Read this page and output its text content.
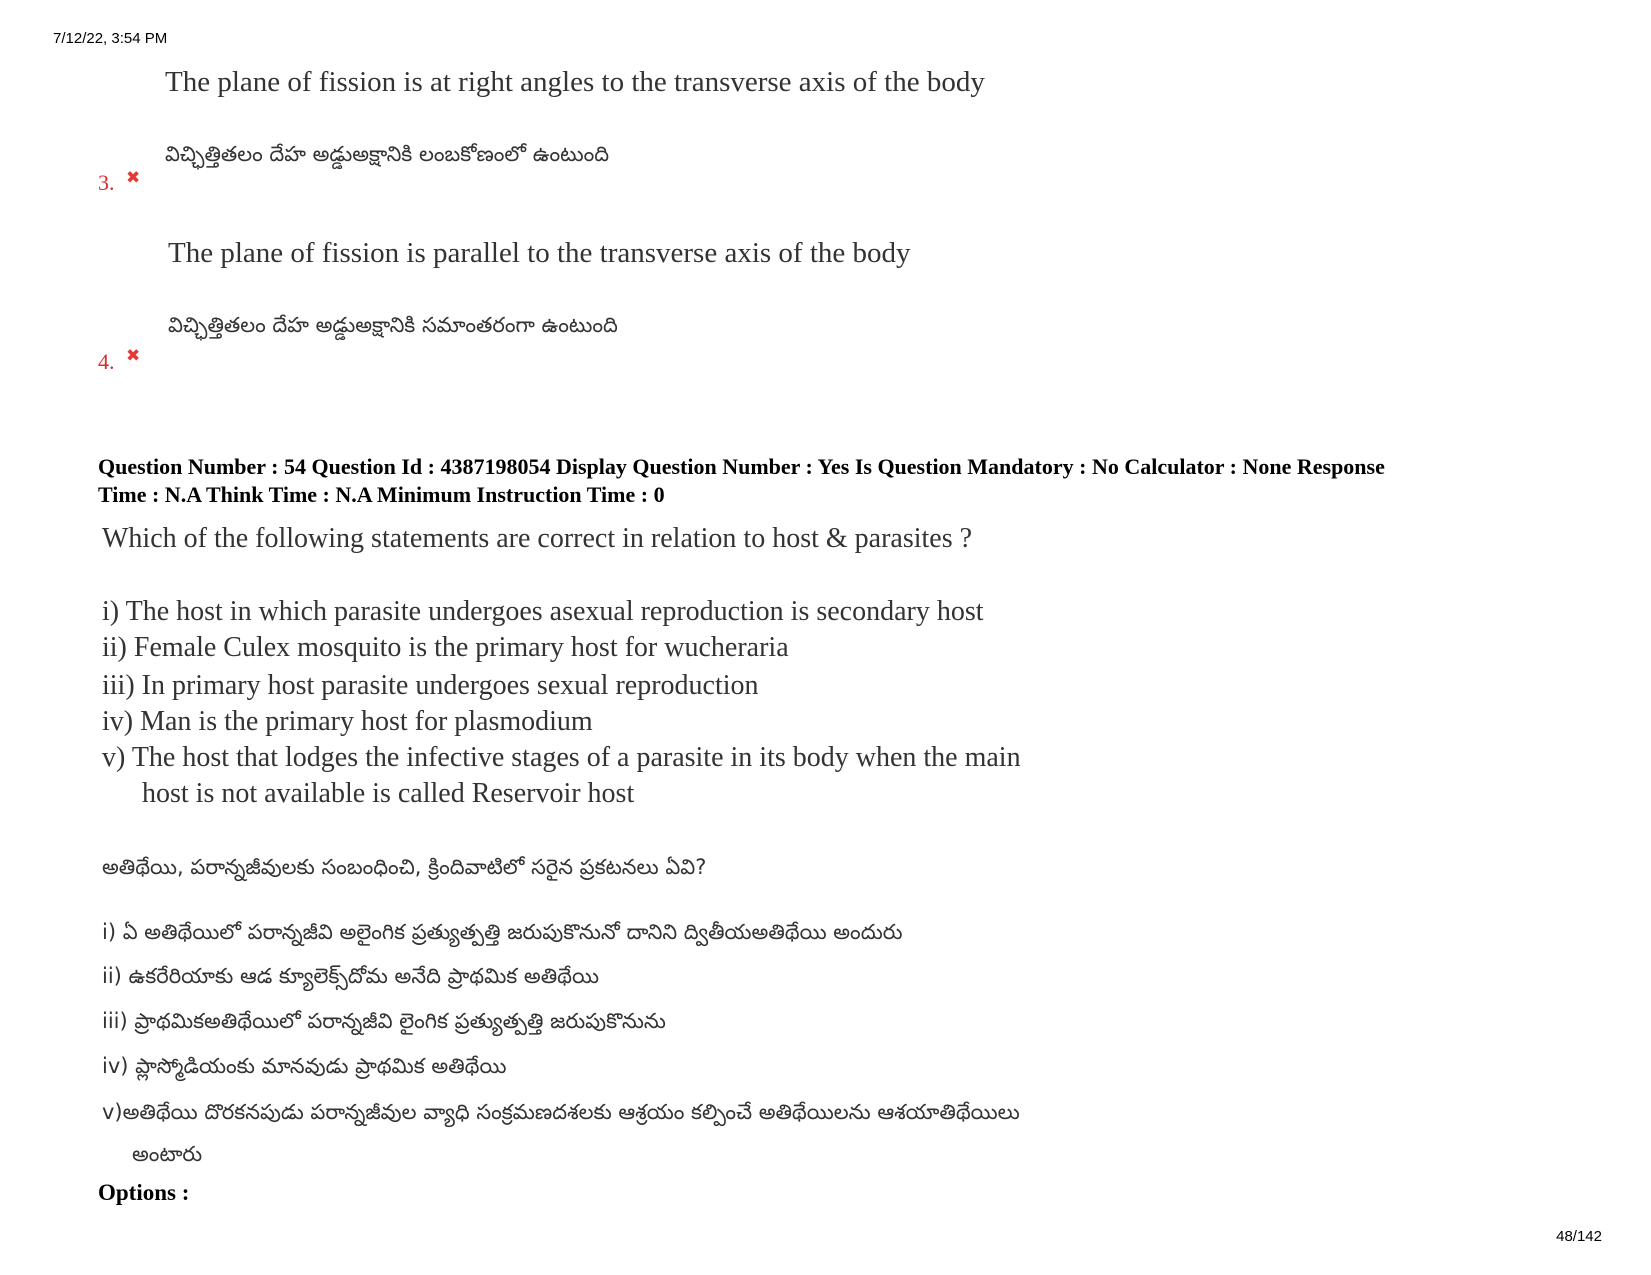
7/12/22, 3:54 PM
The plane of fission is at right angles to the transverse axis of the body
విచ్ఛిత్తితలం దేహ అడ్డుఅక్షానికి లంబకోణంలో ఉంటుంది
3. ✖
The plane of fission is parallel to the transverse axis of the body
విచ్ఛిత్తితలం దేహ అడ్డుఅక్షానికి సమాంతరంగా ఉంటుంది
4. ✖
Question Number : 54 Question Id : 4387198054 Display Question Number : Yes Is Question Mandatory : No Calculator : None Response
Time : N.A Think Time : N.A Minimum Instruction Time : 0
Which of the following statements are correct in relation to host & parasites ?
i) The host in which parasite undergoes asexual reproduction is secondary host
ii) Female Culex mosquito is the primary host for wucheraria
iii) In primary host parasite undergoes sexual reproduction
iv) Man is the primary host for plasmodium
v) The host that lodges the infective stages of a parasite in its body when the main
host is not available is called Reservoir host
అతిథేయి, పరాన్నజీవులకు సంబంధించి, క్రిందివాటిలో సరైన ప్రకటనలు ఏవి?
i) ఏ అతిథేయిలో పరాన్నజీవి అలైంగిక ప్రత్యుత్పత్తి జరుపుకొనునో దానిని ద్వితీయఅతిథేయి అందురు
ii) ఉకరేరియాకు ఆడ క్యూలెక్స్‌దోమ అనేది ప్రాథమిక అతిథేయి
iii) ప్రాథమికఅతిథేయిలో పరాన్నజీవి లైంగిక ప్రత్యుత్పత్తి జరుపుకొనును
iv) ప్లాస్మోడియంకు మానవుడు ప్రాథమిక అతిథేయి
v)అతిథేయి దొరకనపుడు పరాన్నజీవుల వ్యాధి సంక్రమణదశలకు ఆశ్రయం కల్పించే అతిథేయిలను ఆశయాతిథేయిలు
అంటారు
Options :
48/142
